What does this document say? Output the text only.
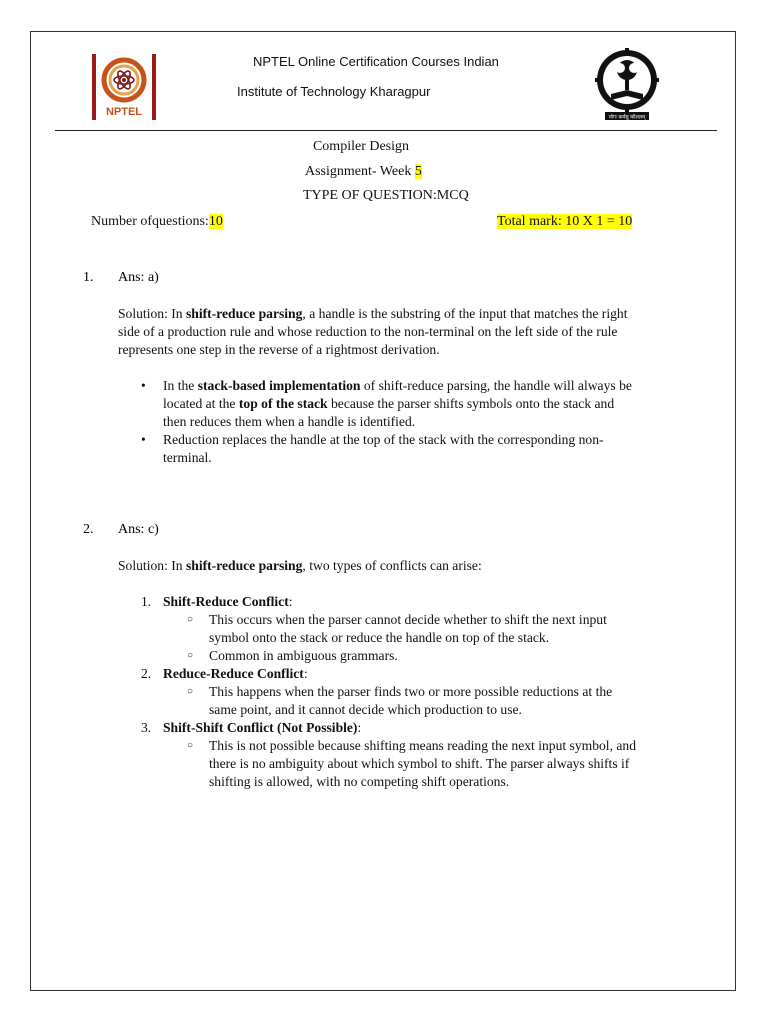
NPTEL
NPTEL Online Certification Courses Indian
Institute of Technology Kharagpur
योगः कर्मसु कौशलम्
Compiler Design
Assignment- Week 5
TYPE OF QUESTION:MCQ
Number ofquestions:10	Total mark: 10 X 1 = 10
1. Ans: a)
Solution: In shift-reduce parsing, a handle is the substring of the input that matches the right
side of a production rule and whose reduction to the non-terminal on the left side of the rule
represents one step in the reverse of a rightmost derivation.
• In the stack-based implementation of shift-reduce parsing, the handle will always be
located at the top of the stack because the parser shifts symbols onto the stack and
then reduces them when a handle is identified.
• Reduction replaces the handle at the top of the stack with the corresponding non-
terminal.
2. Ans: c)
Solution: In shift-reduce parsing, two types of conflicts can arise:
1. Shift-Reduce Conflict:
○ This occurs when the parser cannot decide whether to shift the next input
symbol onto the stack or reduce the handle on top of the stack.
○ Common in ambiguous grammars.
2. Reduce-Reduce Conflict:
○ This happens when the parser finds two or more possible reductions at the
same point, and it cannot decide which production to use.
3. Shift-Shift Conflict (Not Possible):
○ This is not possible because shifting means reading the next input symbol, and
there is no ambiguity about which symbol to shift. The parser always shifts if
shifting is allowed, with no competing shift operations.
